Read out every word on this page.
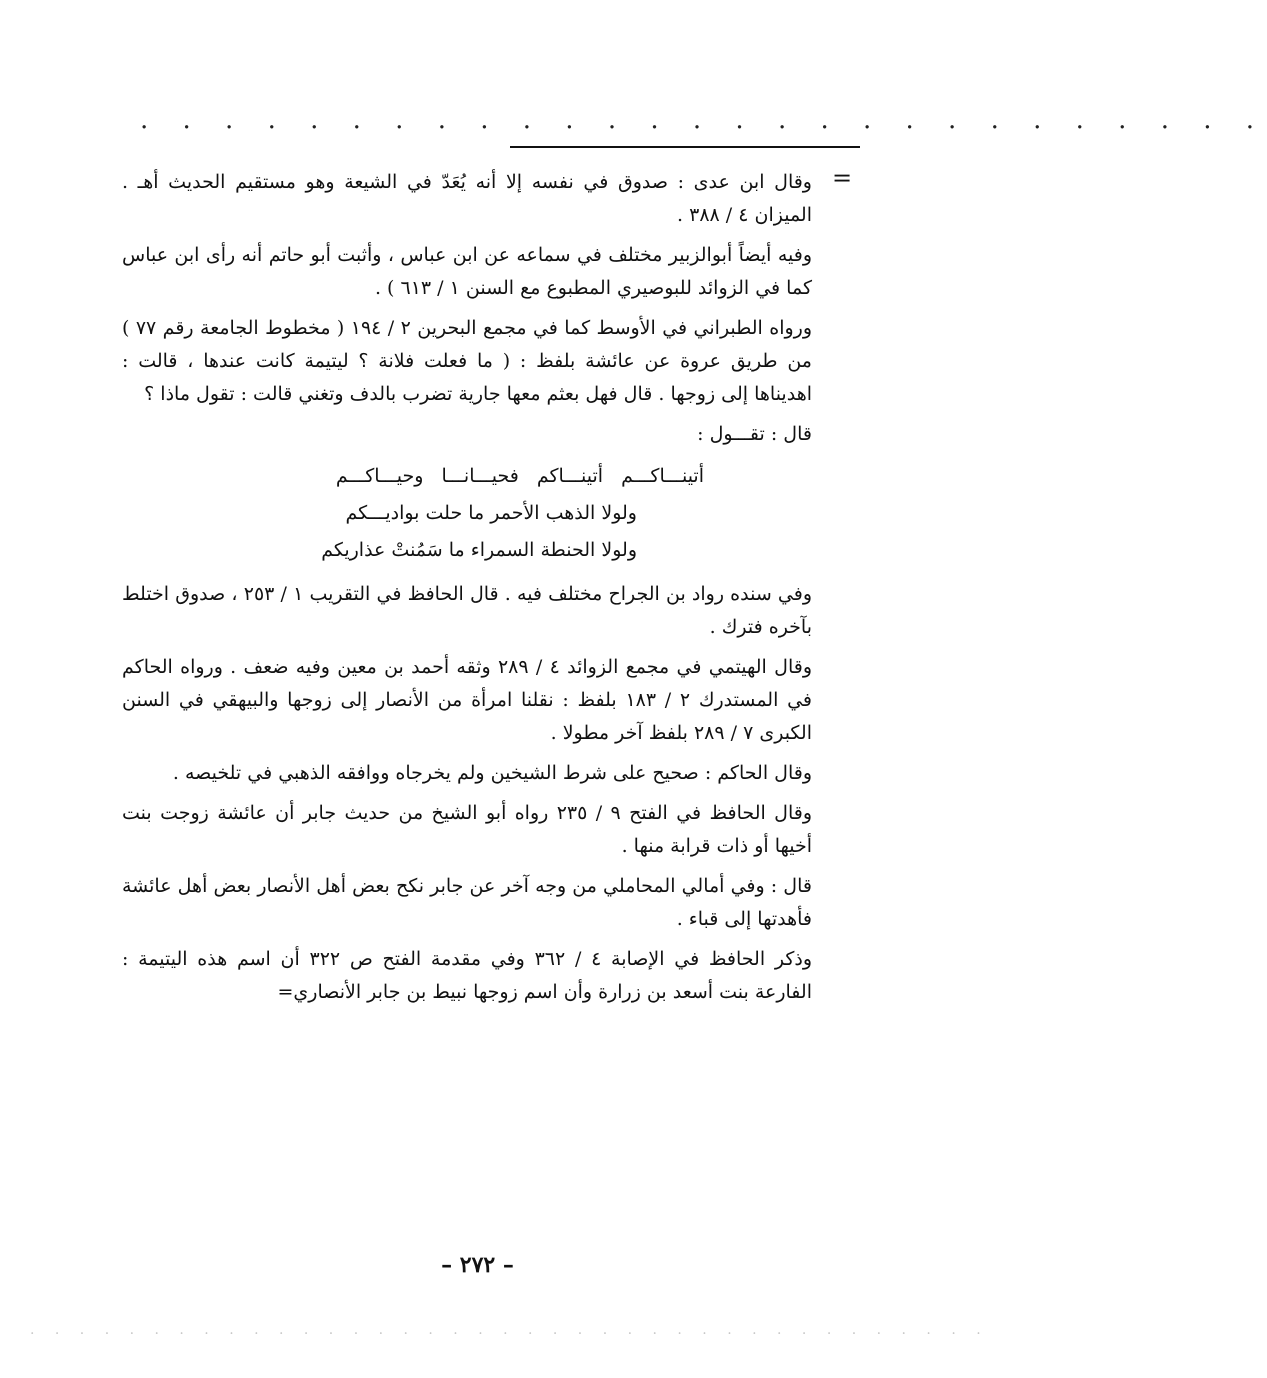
. . . . . . . . . . . . . . . . . . . . . . . . . . .
=

وقال ابن عدى : صدوق في نفسه إلا أنه يُعَدّ في الشيعة وهو مستقيم الحديث أهـ . الميزان ٤ / ٣٨٨ .

وفيه أيضاً أبوالزبير مختلف في سماعه عن ابن عباس ، وأثبت أبو حاتم أنه رأى ابن عباس كما في الزوائد للبوصيري المطبوع مع السنن ١ / ٦١٣ ) .

ورواه الطبراني في الأوسط كما في مجمع البحرين ٢ / ١٩٤ ( مخطوط الجامعة رقم ٧٧ ) من طريق عروة عن عائشة بلفظ : ( ما فعلت فلانة ؟ ليتيمة كانت عندها ، قالت : اهديناها إلى زوجها . قال فهل بعثم معها جارية تضرب بالدف وتغني قالت : تقول ماذا ؟

قال : تقـــول :

أتينـــاكـــم أتينـــاكم فحيـــانـــا وحيـــاكـــم

ولولا الذهب الأحمر ما حلت بواديـــكم

ولولا الحنطة السمراء ما سَمُنتْ عذاريكم

وفي سنده رواد بن الجراح مختلف فيه . قال الحافظ في التقريب ١ / ٢٥٣ ، صدوق اختلط بآخره فترك .

وقال الهيتمي في مجمع الزوائد ٤ / ٢٨٩ وثقه أحمد بن معين وفيه ضعف . ورواه الحاكم في المستدرك ٢ / ١٨٣ بلفظ : نقلنا امرأة من الأنصار إلى زوجها والبيهقي في السنن الكبرى ٧ / ٢٨٩ بلفظ آخر مطولا .

وقال الحاكم : صحيح على شرط الشيخين ولم يخرجاه ووافقه الذهبي في تلخيصه .

وقال الحافظ في الفتح ٩ / ٢٣٥ رواه أبو الشيخ من حديث جابر أن عائشة زوجت بنت أخيها أو ذات قرابة منها .

قال : وفي أمالي المحاملي من وجه آخر عن جابر نكح بعض أهل الأنصار بعض أهل عائشة فأهدتها إلى قباء .

وذكر الحافظ في الإصابة ٤ / ٣٦٢ وفي مقدمة الفتح ص ٣٢٢ أن اسم هذه اليتيمة : الفارعة بنت أسعد بن زرارة وأن اسم زوجها نبيط بن جابر الأنصاري=

– ٢٧٢ –
. . . . . . . . . . . . . . . . . . . . . . . . . . . . . . . . . . . . . . .
